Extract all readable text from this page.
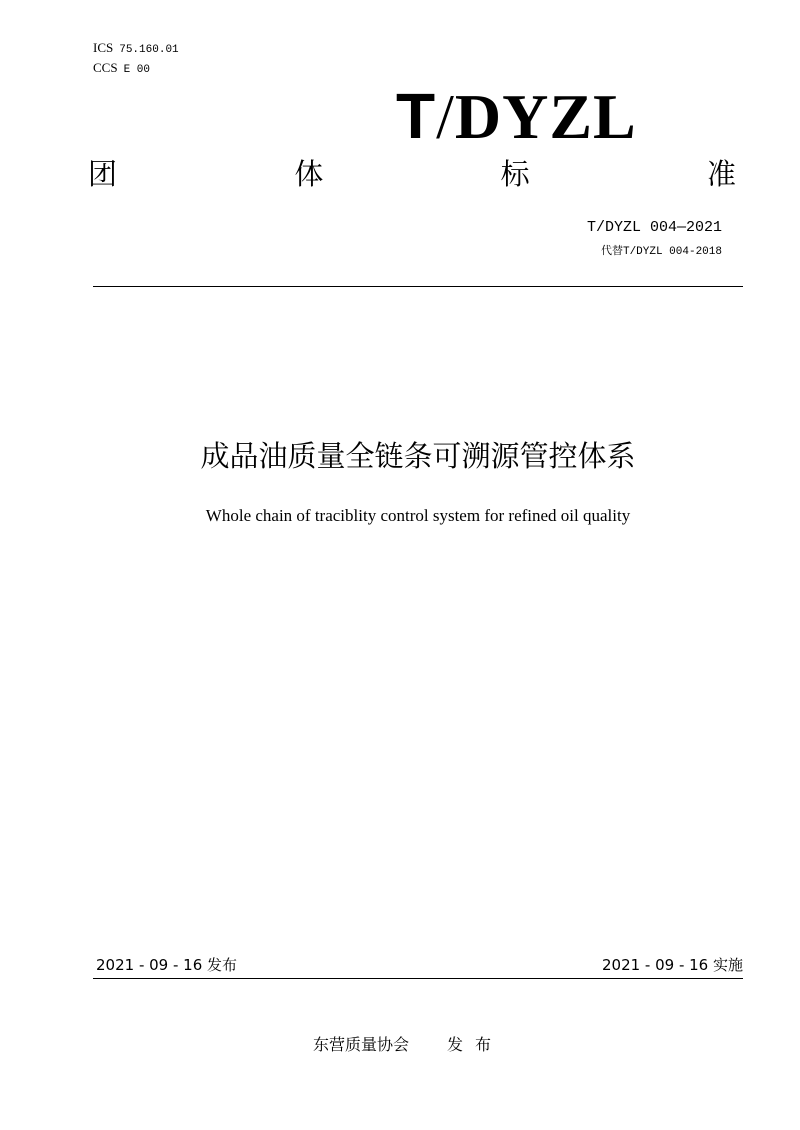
ICS 75.160.01
CCS E 00
T/DYZL
团	体	标	准
T/DYZL 004—2021
代替T/DYZL 004-2018
成品油质量全链条可溯源管控体系
Whole chain of traciblity control system for refined oil quality
2021 - 09 - 16 发布	2021 - 09 - 16 实施
东营质量协会 发 布
